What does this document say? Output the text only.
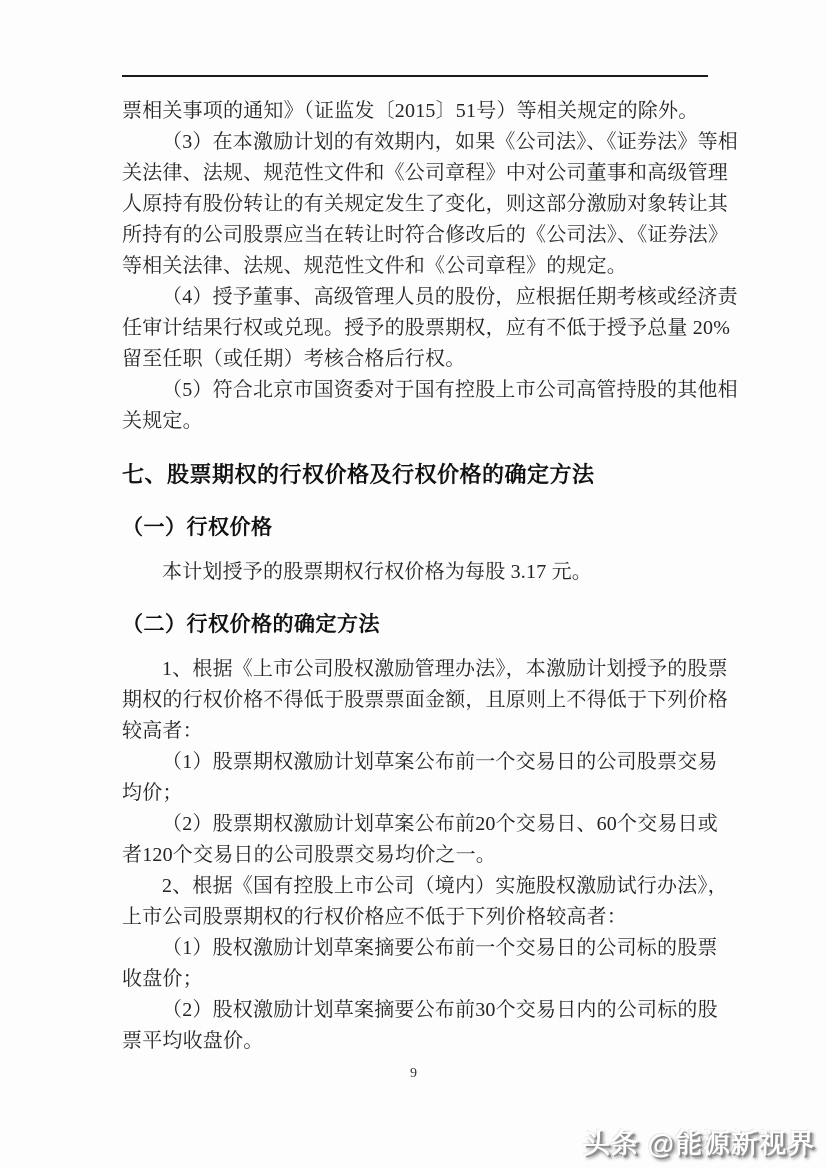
票相关事项的通知》（证监发〔2015〕51号）等相关规定的除外。
（3）在本激励计划的有效期内，如果《公司法》、《证券法》等相
关法律、法规、规范性文件和《公司章程》中对公司董事和高级管理
人原持有股份转让的有关规定发生了变化，则这部分激励对象转让其
所持有的公司股票应当在转让时符合修改后的《公司法》、《证券法》
等相关法律、法规、规范性文件和《公司章程》的规定。
（4）授予董事、高级管理人员的股份，应根据任期考核或经济责
任审计结果行权或兑现。授予的股票期权，应有不低于授予总量 20%
留至任职（或任期）考核合格后行权。
（5）符合北京市国资委对于国有控股上市公司高管持股的其他相
关规定。
七、股票期权的行权价格及行权价格的确定方法
（一）行权价格
本计划授予的股票期权行权价格为每股 3.17 元。
（二）行权价格的确定方法
1、根据《上市公司股权激励管理办法》，本激励计划授予的股票
期权的行权价格不得低于股票票面金额，且原则上不得低于下列价格
较高者：
（1）股票期权激励计划草案公布前一个交易日的公司股票交易
均价；
（2）股票期权激励计划草案公布前20个交易日、60个交易日或
者120个交易日的公司股票交易均价之一。
2、根据《国有控股上市公司（境内）实施股权激励试行办法》，
上市公司股票期权的行权价格应不低于下列价格较高者：
（1）股权激励计划草案摘要公布前一个交易日的公司标的股票
收盘价；
（2）股权激励计划草案摘要公布前30个交易日内的公司标的股
票平均收盘价。
9
头条 @能源新视界
